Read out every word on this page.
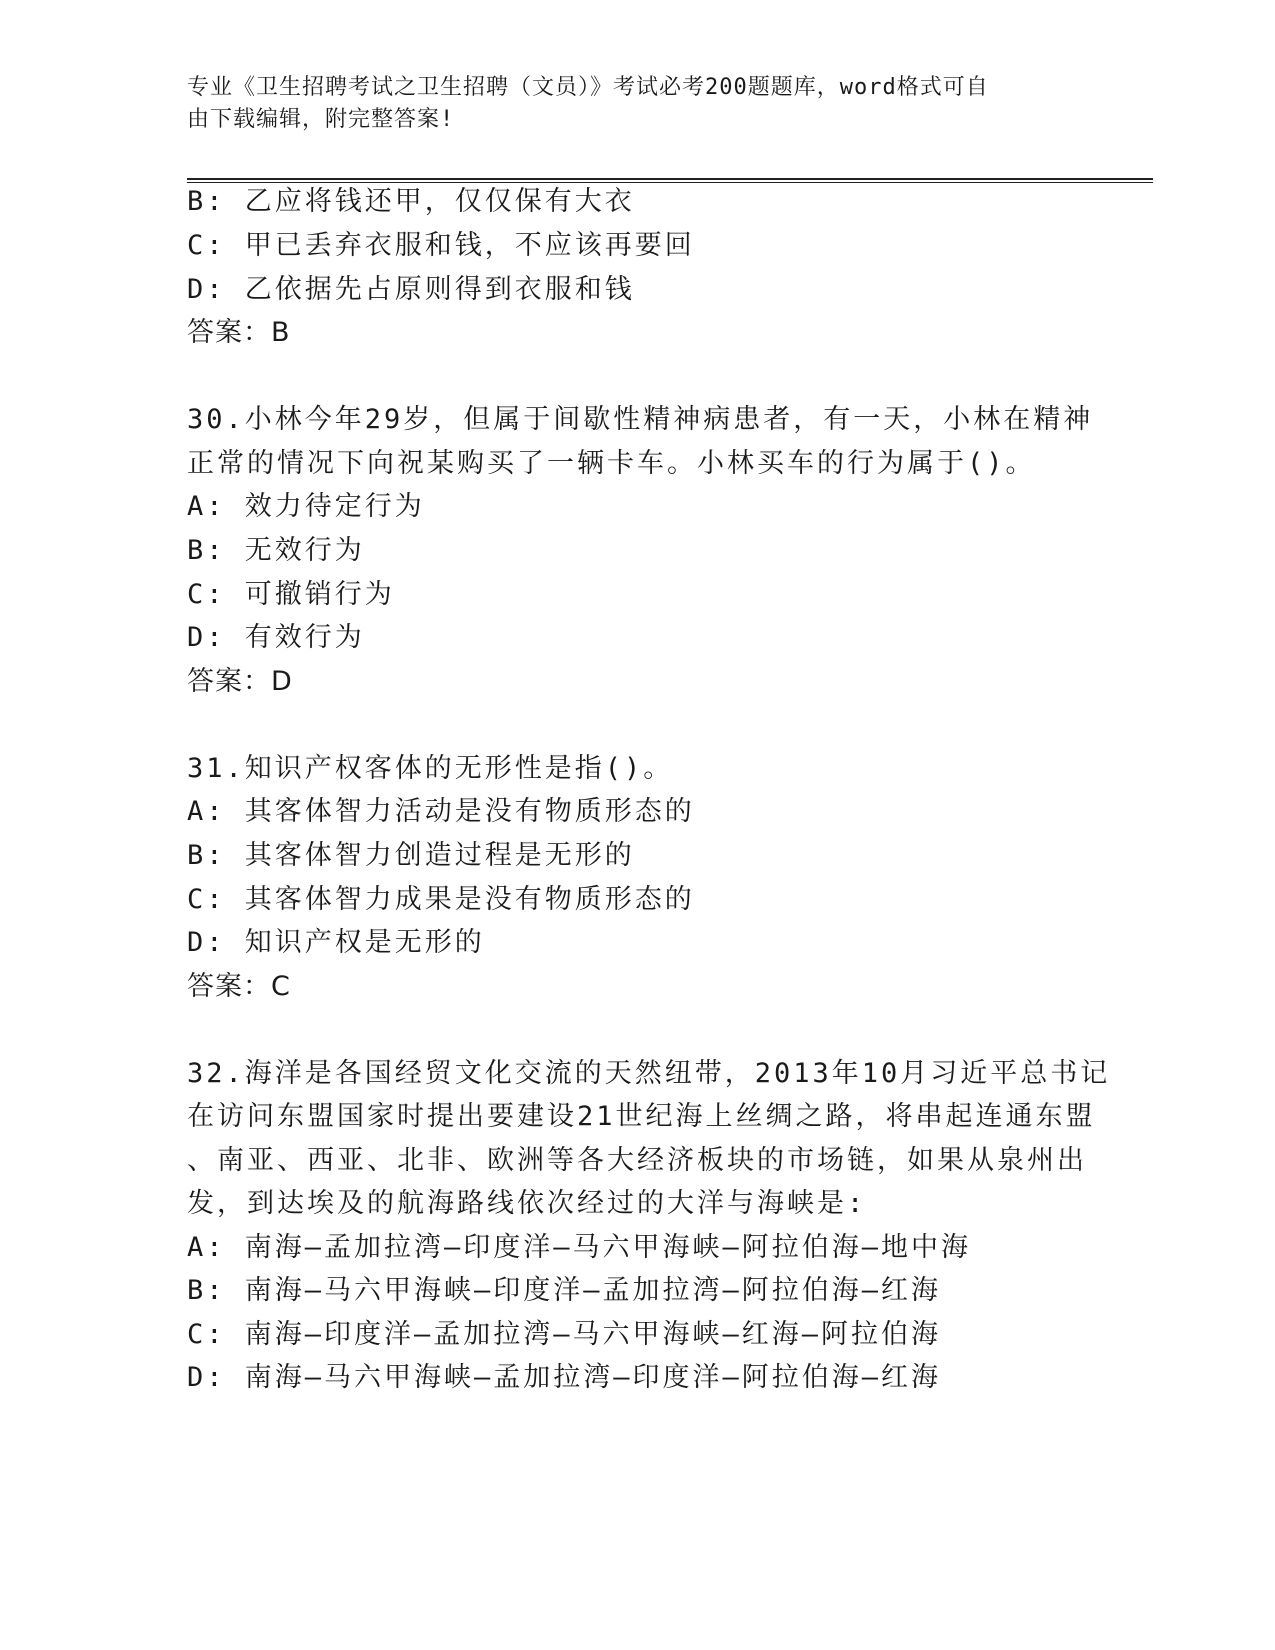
专业《卫生招聘考试之卫生招聘（文员）》考试必考200题题库，word格式可自
由下载编辑，附完整答案!
B: 乙应将钱还甲，仅仅保有大衣
C: 甲已丢弃衣服和钱，不应该再要回
D: 乙依据先占原则得到衣服和钱
答案：B
30.小林今年29岁，但属于间歇性精神病患者，有一天，小林在精神
正常的情况下向祝某购买了一辆卡车。小林买车的行为属于()。
A: 效力待定行为
B: 无效行为
C: 可撤销行为
D: 有效行为
答案：D
31.知识产权客体的无形性是指()。
A: 其客体智力活动是没有物质形态的
B: 其客体智力创造过程是无形的
C: 其客体智力成果是没有物质形态的
D: 知识产权是无形的
答案：C
32.海洋是各国经贸文化交流的天然纽带，2013年10月习近平总书记
在访问东盟国家时提出要建设21世纪海上丝绸之路，将串起连通东盟
、南亚、西亚、北非、欧洲等各大经济板块的市场链，如果从泉州出
发，到达埃及的航海路线依次经过的大洋与海峡是:
A: 南海—孟加拉湾—印度洋—马六甲海峡—阿拉伯海—地中海
B: 南海—马六甲海峡—印度洋—孟加拉湾—阿拉伯海—红海
C: 南海—印度洋—孟加拉湾—马六甲海峡—红海—阿拉伯海
D: 南海—马六甲海峡—孟加拉湾—印度洋—阿拉伯海—红海
